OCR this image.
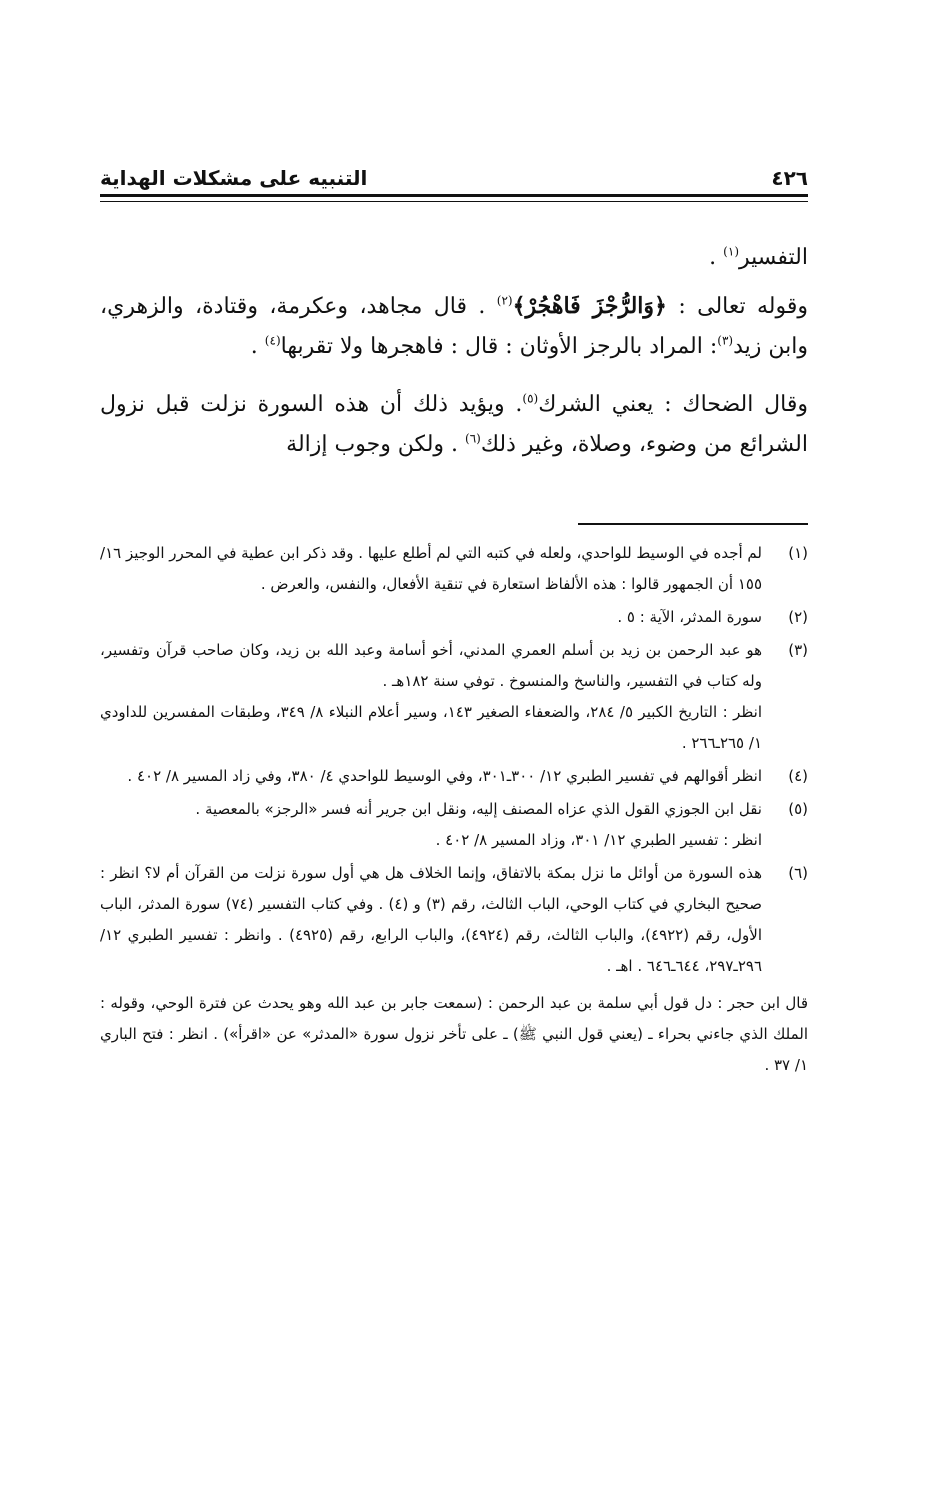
٤٢٦
التنبيه على مشكلات الهداية

التفسير$^{(١)}$ .

وقوله تعالى : ﴿وَالرُّجْزَ فَاهْجُرْ﴾$^{(٢)}$ . قال مجاهد، وعكرمة، وقتادة، والزهري، وابن زيد$^{(٣)}$: المراد بالرجز الأوثان : قال : فاهجرها ولا تقربها$^{(٤)}$ .

وقال الضحاك : يعني الشرك$^{(٥)}$. ويؤيد ذلك أن هذه السورة نزلت قبل نزول الشرائع من وضوء، وصلاة، وغير ذلك$^{(٦)}$ . ولكن وجوب إزالة

(١)
لم أجده في الوسيط للواحدي، ولعله في كتبه التي لم أطلع عليها . وقد ذكر ابن عطية في المحرر الوجيز ١٦/ ١٥٥ أن الجمهور قالوا : هذه الألفاظ استعارة في تنقية الأفعال، والنفس، والعرض .
(٢)
سورة المدثر، الآية : ٥ .
(٣)
هو عبد الرحمن بن زيد بن أسلم العمري المدني، أخو أسامة وعبد الله بن زيد، وكان صاحب قرآن وتفسير، وله كتاب في التفسير، والناسخ والمنسوخ . توفي سنة ١٨٢هـ .
انظر : التاريخ الكبير ٥/ ٢٨٤، والضعفاء الصغير ١٤٣، وسير أعلام النبلاء ٨/ ٣٤٩، وطبقات المفسرين للداودي ١/ ٢٦٥ـ٢٦٦ .
(٤)
انظر أقوالهم في تفسير الطبري ١٢/ ٣٠٠ـ٣٠١، وفي الوسيط للواحدي ٤/ ٣٨٠، وفي زاد المسير ٨/ ٤٠٢ .
(٥)
نقل ابن الجوزي القول الذي عزاه المصنف إليه، ونقل ابن جرير أنه فسر «الرجز» بالمعصية .
انظر : تفسير الطبري ١٢/ ٣٠١، وزاد المسير ٨/ ٤٠٢ .
(٦)
هذه السورة من أوائل ما نزل بمكة بالاتفاق، وإنما الخلاف هل هي أول سورة نزلت من القرآن أم لا؟ انظر : صحيح البخاري في كتاب الوحي، الباب الثالث، رقم (٣) و (٤) . وفي كتاب التفسير (٧٤) سورة المدثر، الباب الأول، رقم (٤٩٢٢)، والباب الثالث، رقم (٤٩٢٤)، والباب الرابع، رقم (٤٩٢٥) . وانظر : تفسير الطبري ١٢/ ٢٩٦ـ٢٩٧، ٦٤٤ـ٦٤٦ . اهـ .

قال ابن حجر : دل قول أبي سلمة بن عبد الرحمن : (سمعت جابر بن عبد الله وهو يحدث عن فترة الوحي، وقوله : الملك الذي جاءني بحراء ـ (يعني قول النبي ﷺ) ـ على تأخر نزول سورة «المدثر» عن «اقرأ») . انظر : فتح الباري ١/ ٣٧ .
